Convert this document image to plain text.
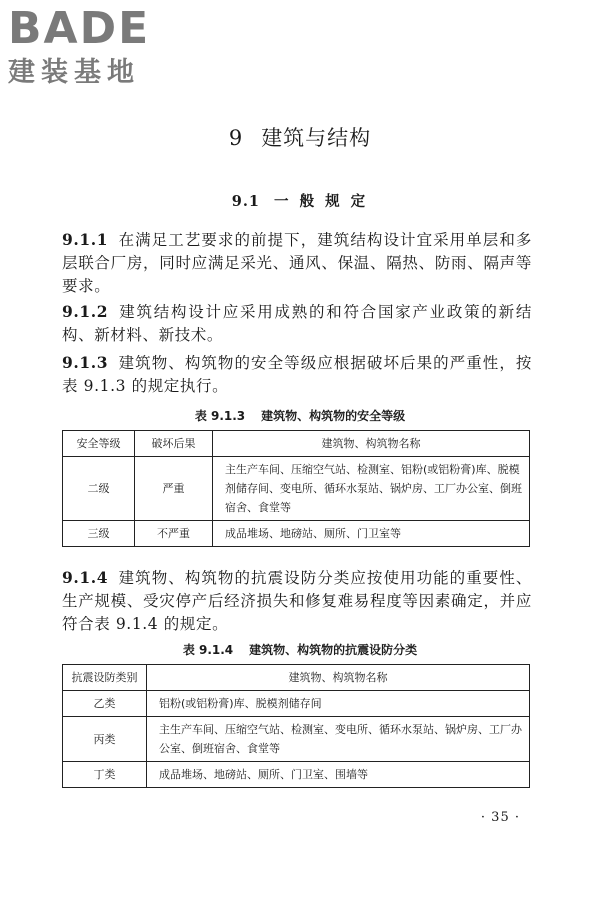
BADE
建装基地
9 建筑与结构
9.1 一 般 规 定
9.1.1 在满足工艺要求的前提下，建筑结构设计宜采用单层和多层联合厂房，同时应满足采光、通风、保温、隔热、防雨、隔声等要求。
9.1.2 建筑结构设计应采用成熟的和符合国家产业政策的新结构、新材料、新技术。
9.1.3 建筑物、构筑物的安全等级应根据破坏后果的严重性，按表 9.1.3 的规定执行。
表 9.1.3 建筑物、构筑物的安全等级
安全等级	破坏后果	建筑物、构筑物名称
二级	严重	主生产车间、压缩空气站、检测室、铝粉(或铝粉膏)库、脱模剂储存间、变电所、循环水泵站、锅炉房、工厂办公室、倒班宿舍、食堂等
三级	不严重	成品堆场、地磅站、厕所、门卫室等
9.1.4 建筑物、构筑物的抗震设防分类应按使用功能的重要性、生产规模、受灾停产后经济损失和修复难易程度等因素确定，并应符合表 9.1.4 的规定。
表 9.1.4 建筑物、构筑物的抗震设防分类
抗震设防类别	建筑物、构筑物名称
乙类	铝粉(或铝粉膏)库、脱模剂储存间
丙类	主生产车间、压缩空气站、检测室、变电所、循环水泵站、锅炉房、工厂办公室、倒班宿舍、食堂等
丁类	成品堆场、地磅站、厕所、门卫室、围墙等
· 35 ·
